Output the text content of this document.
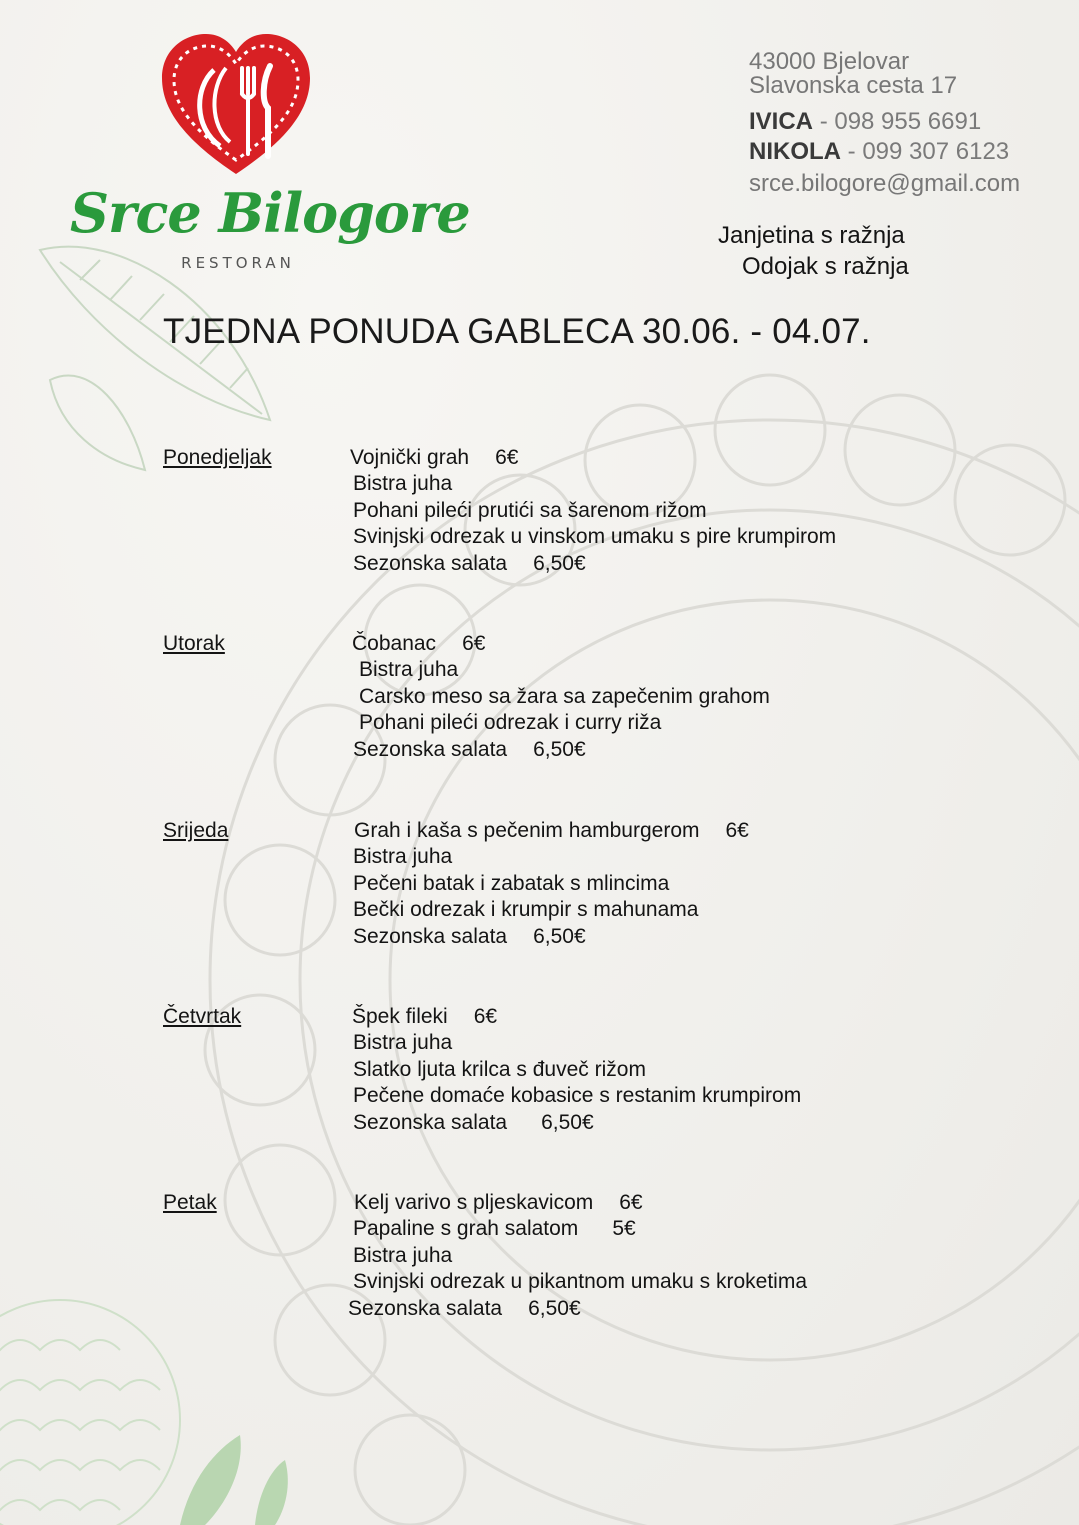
Srce Bilogore
RESTORAN
43000 Bjelovar
Slavonska cesta 17
IVICA - 098 955 6691
NIKOLA - 099 307 6123
srce.bilogore@gmail.com
Janjetina s ražnja
Odojak s ražnja
TJEDNA PONUDA GABLECA 30.06. - 04.07.
Ponedjeljak	Vojnički grah 6€
Bistra juha
Pohani pileći prutići sa šarenom rižom
Svinjski odrezak u vinskom umaku s pire krumpirom
Sezonska salata 6,50€
Utorak	Čobanac 6€
Bistra juha
Carsko meso sa žara sa zapečenim grahom
Pohani pileći odrezak i curry riža
Sezonska salata 6,50€
Srijeda	Grah i kaša s pečenim hamburgerom 6€
Bistra juha
Pečeni batak i zabatak s mlincima
Bečki odrezak i krumpir s mahunama
Sezonska salata 6,50€
Četvrtak	Špek fileki 6€
Bistra juha
Slatko ljuta krilca s đuveč rižom
Pečene domaće kobasice s restanim krumpirom
Sezonska salata 6,50€
Petak	Kelj varivo s pljeskavicom 6€
Papaline s grah salatom 5€
Bistra juha
Svinjski odrezak u pikantnom umaku s kroketima
Sezonska salata 6,50€
